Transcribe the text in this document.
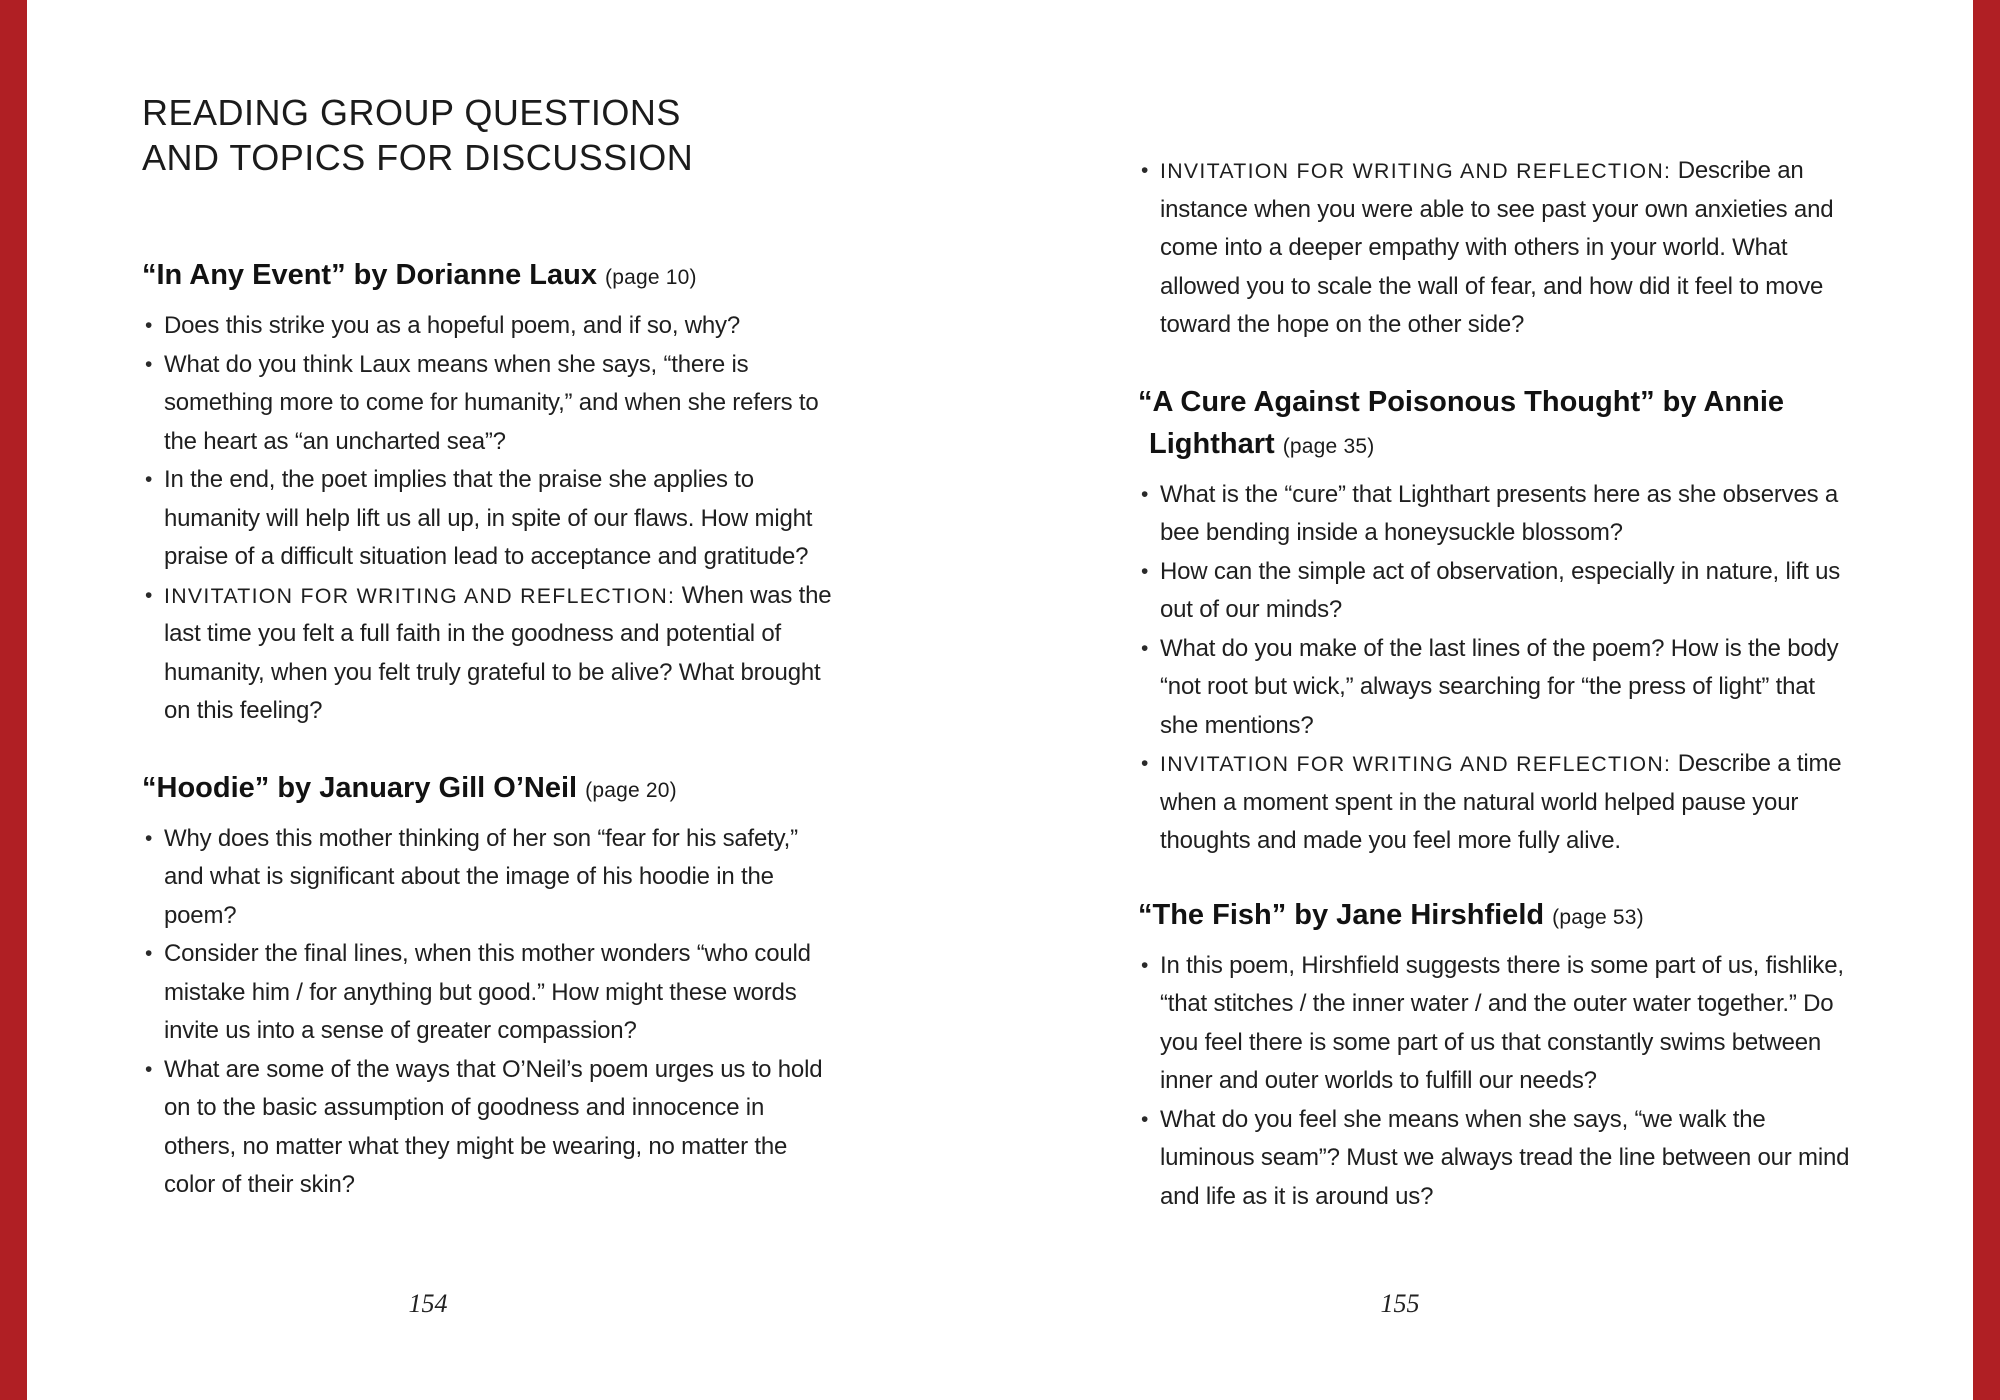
READING GROUP QUESTIONS
AND TOPICS FOR DISCUSSION
“In Any Event” by Dorianne Laux (page 10)
• Does this strike you as a hopeful poem, and if so, why?
• What do you think Laux means when she says, “there is something more to come for humanity,” and when she refers to the heart as “an uncharted sea”?
• In the end, the poet implies that the praise she applies to humanity will help lift us all up, in spite of our flaws. How might praise of a difficult situation lead to acceptance and gratitude?
• INVITATION FOR WRITING AND REFLECTION: When was the last time you felt a full faith in the goodness and potential of humanity, when you felt truly grateful to be alive? What brought on this feeling?
“Hoodie” by January Gill O’Neil (page 20)
• Why does this mother thinking of her son “fear for his safety,” and what is significant about the image of his hoodie in the poem?
• Consider the final lines, when this mother wonders “who could mistake him / for anything but good.” How might these words invite us into a sense of greater compassion?
• What are some of the ways that O’Neil’s poem urges us to hold on to the basic assumption of goodness and innocence in others, no matter what they might be wearing, no matter the color of their skin?
• INVITATION FOR WRITING AND REFLECTION: Describe an instance when you were able to see past your own anxieties and come into a deeper empathy with others in your world. What allowed you to scale the wall of fear, and how did it feel to move toward the hope on the other side?
“A Cure Against Poisonous Thought” by Annie Lighthart (page 35)
• What is the “cure” that Lighthart presents here as she observes a bee bending inside a honeysuckle blossom?
• How can the simple act of observation, especially in nature, lift us out of our minds?
• What do you make of the last lines of the poem? How is the body “not root but wick,” always searching for “the press of light” that she mentions?
• INVITATION FOR WRITING AND REFLECTION: Describe a time when a moment spent in the natural world helped pause your thoughts and made you feel more fully alive.
“The Fish” by Jane Hirshfield (page 53)
• In this poem, Hirshfield suggests there is some part of us, fishlike, “that stitches / the inner water / and the outer water together.” Do you feel there is some part of us that constantly swims between inner and outer worlds to fulfill our needs?
• What do you feel she means when she says, “we walk the luminous seam”? Must we always tread the line between our mind and life as it is around us?
154	155
